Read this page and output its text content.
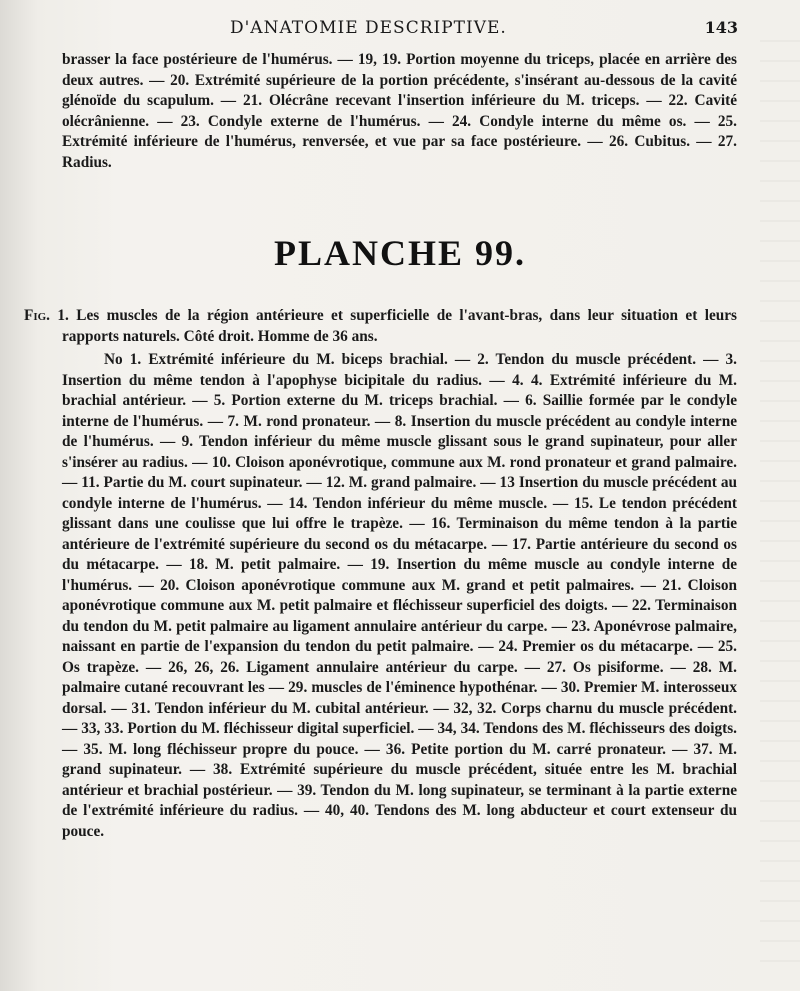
D'ANATOMIE DESCRIPTIVE.	143

brasser la face postérieure de l'humérus. — 19, 19. Portion moyenne du triceps, placée en arrière des deux autres. — 20. Extrémité supérieure de la portion précédente, s'insérant au-dessous de la cavité glénoïde du scapulum. — 21. Olécrâne recevant l'insertion inférieure du M. triceps. — 22. Cavité olécrânienne. — 23. Condyle externe de l'humérus. — 24. Condyle interne du même os. — 25. Extrémité inférieure de l'humérus, renversée, et vue par sa face postérieure. — 26. Cubitus. — 27. Radius.

PLANCHE 99.

Fig. 1. Les muscles de la région antérieure et superficielle de l'avant-bras, dans leur situation et leurs rapports naturels. Côté droit. Homme de 36 ans.

No 1. Extrémité inférieure du M. biceps brachial. — 2. Tendon du muscle précédent. — 3. Insertion du même tendon à l'apophyse bicipitale du radius. — 4. 4. Extrémité inférieure du M. brachial antérieur. — 5. Portion externe du M. triceps brachial. — 6. Saillie formée par le condyle interne de l'humérus. — 7. M. rond pronateur. — 8. Insertion du muscle précédent au condyle interne de l'humérus. — 9. Tendon inférieur du même muscle glissant sous le grand supinateur, pour aller s'insérer au radius. — 10. Cloison aponévrotique, commune aux M. rond pronateur et grand palmaire. — 11. Partie du M. court supinateur. — 12. M. grand palmaire. — 13 Insertion du muscle précédent au condyle interne de l'humérus. — 14. Tendon inférieur du même muscle. — 15. Le tendon précédent glissant dans une coulisse que lui offre le trapèze. — 16. Terminaison du même tendon à la partie antérieure de l'extrémité supérieure du second os du métacarpe. — 17. Partie antérieure du second os du métacarpe. — 18. M. petit palmaire. — 19. Insertion du même muscle au condyle interne de l'humérus. — 20. Cloison aponévrotique commune aux M. grand et petit palmaires. — 21. Cloison aponévrotique commune aux M. petit palmaire et fléchisseur superficiel des doigts. — 22. Terminaison du tendon du M. petit palmaire au ligament annulaire antérieur du carpe. — 23. Aponévrose palmaire, naissant en partie de l'expansion du tendon du petit palmaire. — 24. Premier os du métacarpe. — 25. Os trapèze. — 26, 26, 26. Ligament annulaire antérieur du carpe. — 27. Os pisiforme. — 28. M. palmaire cutané recouvrant les — 29. muscles de l'éminence hypothénar. — 30. Premier M. interosseux dorsal. — 31. Tendon inférieur du M. cubital antérieur. — 32, 32. Corps charnu du muscle précédent. — 33, 33. Portion du M. fléchisseur digital superficiel. — 34, 34. Tendons des M. fléchisseurs des doigts. — 35. M. long fléchisseur propre du pouce. — 36. Petite portion du M. carré pronateur. — 37. M. grand supinateur. — 38. Extrémité supérieure du muscle précédent, située entre les M. brachial antérieur et brachial postérieur. — 39. Tendon du M. long supinateur, se terminant à la partie externe de l'extrémité inférieure du radius. — 40, 40. Tendons des M. long abducteur et court extenseur du pouce.
